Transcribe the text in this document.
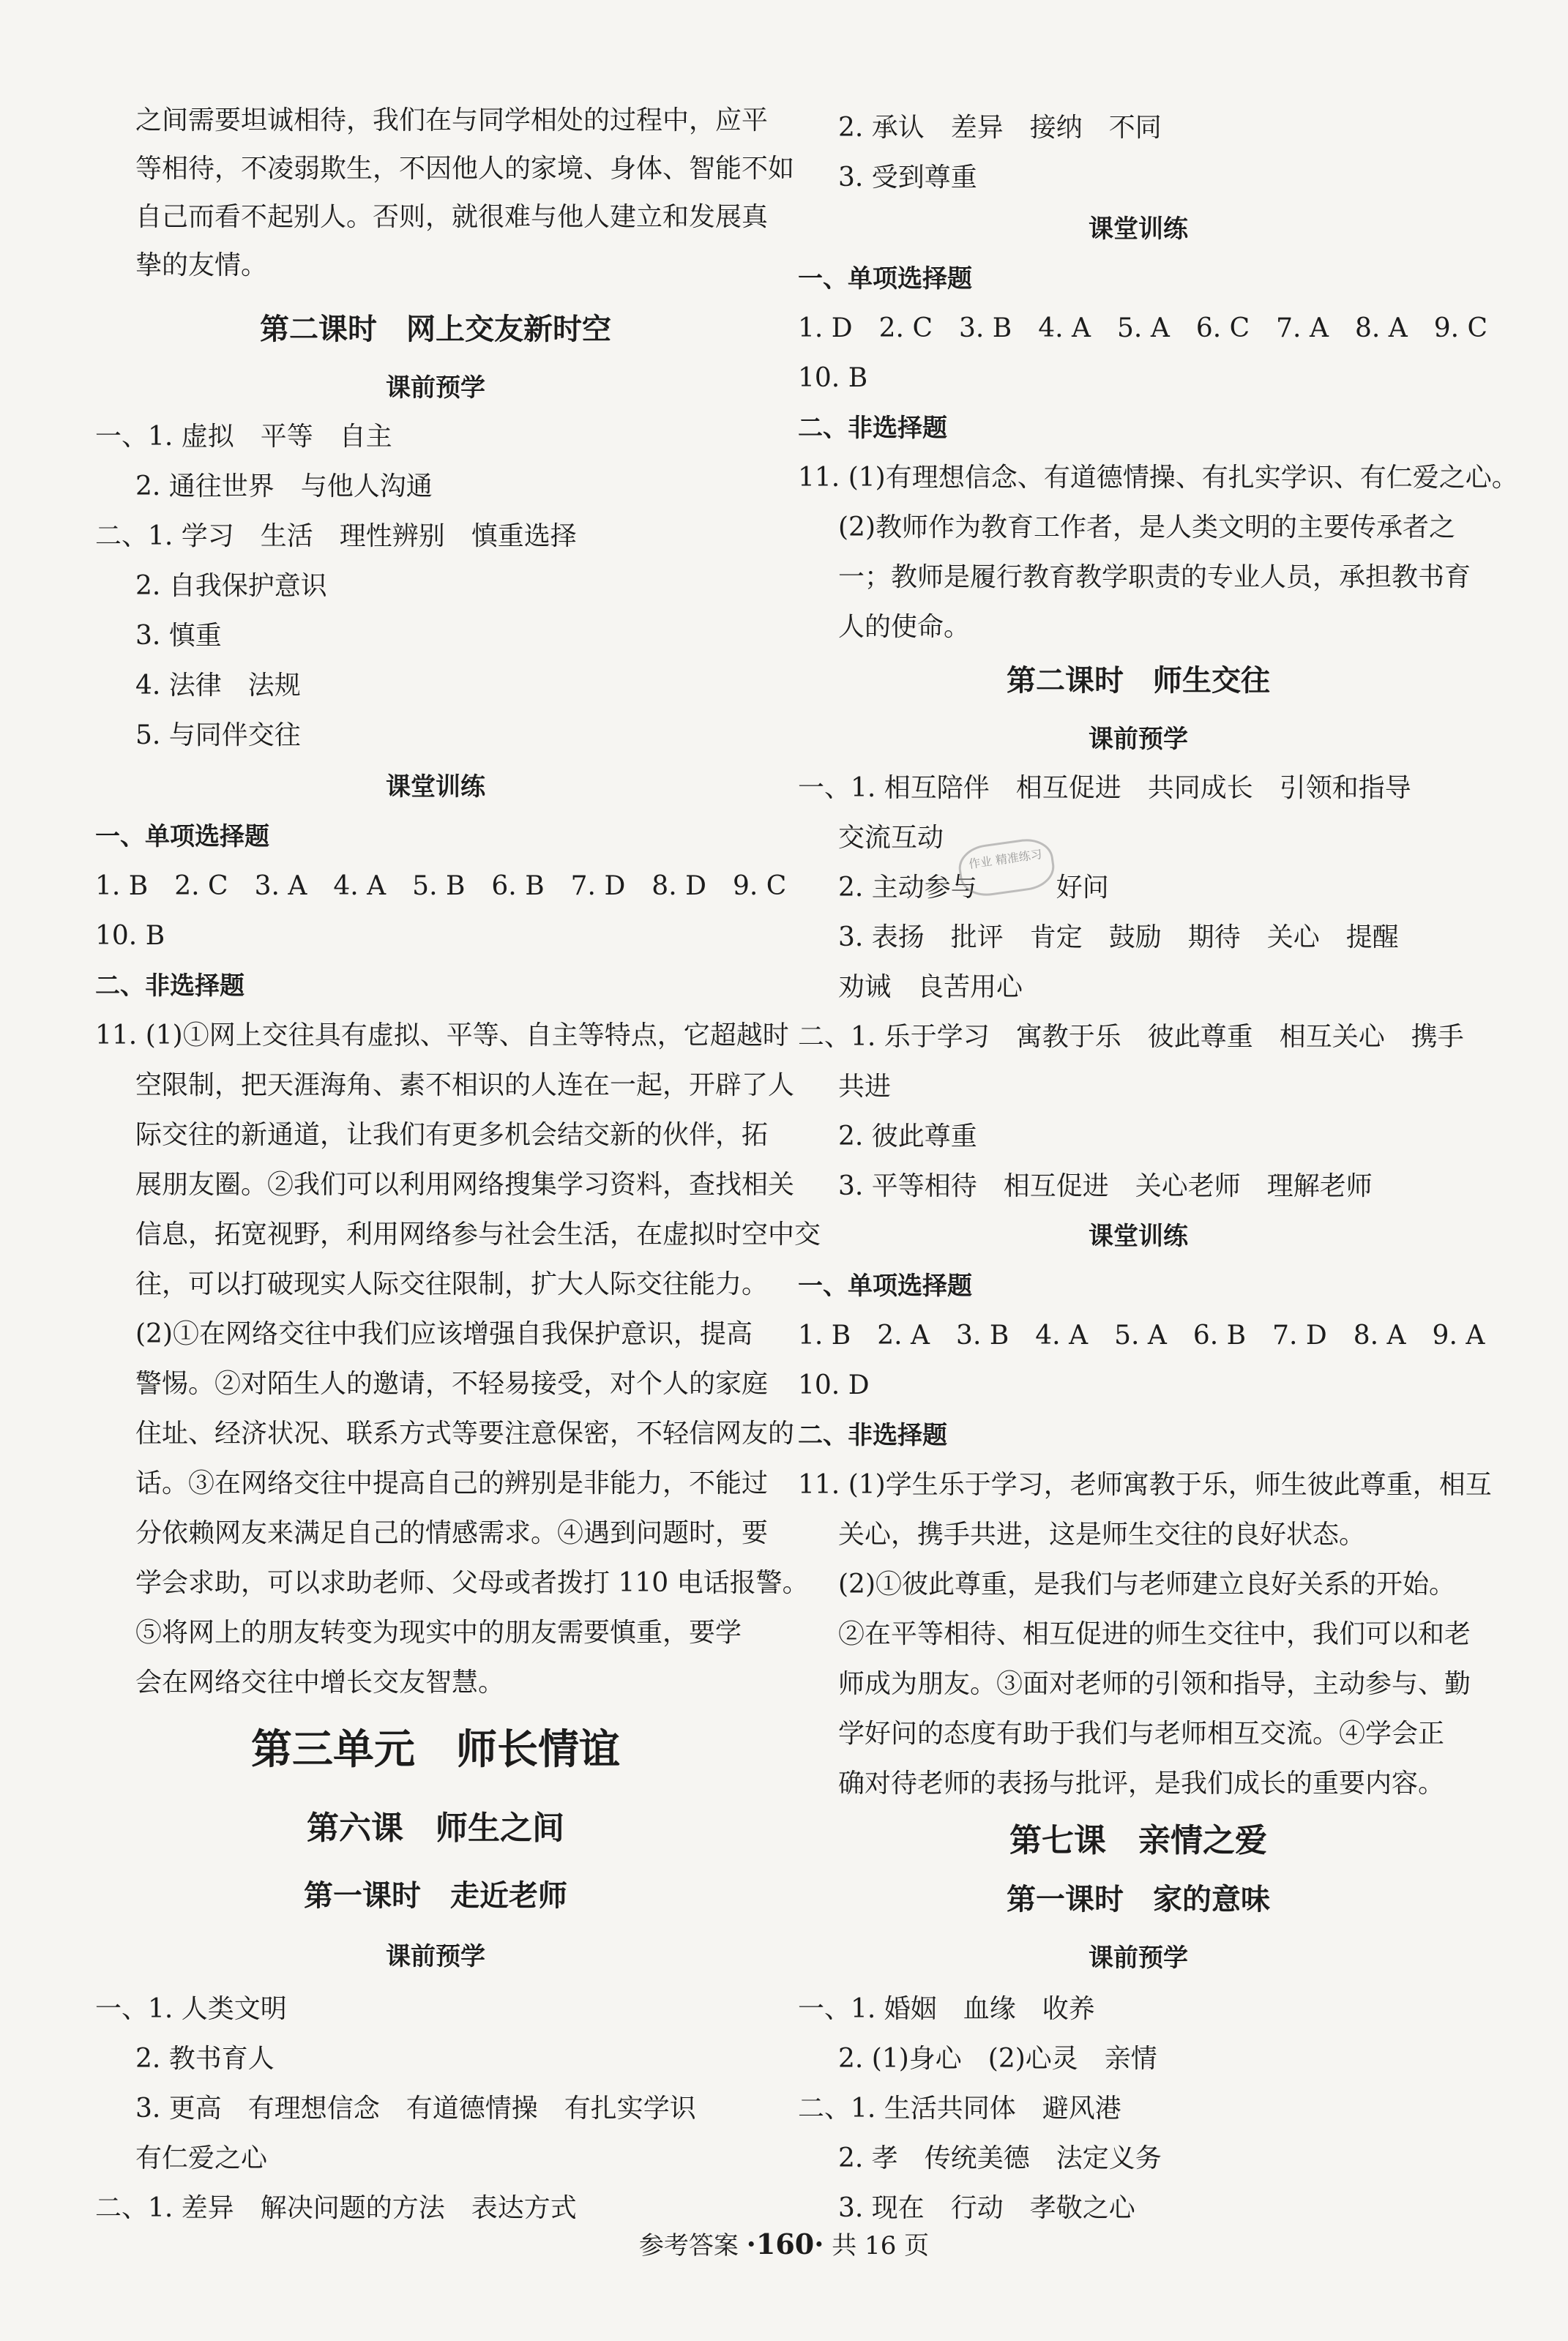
之间需要坦诚相待，我们在与同学相处的过程中，应平
等相待，不凌弱欺生，不因他人的家境、身体、智能不如
自己而看不起别人。否则，就很难与他人建立和发展真
挚的友情。
第二课时　网上交友新时空
课前预学
一、1. 虚拟　平等　自主
2. 通往世界　与他人沟通
二、1. 学习　生活　理性辨别　慎重选择
2. 自我保护意识
3. 慎重
4. 法律　法规
5. 与同伴交往
课堂训练
一、单项选择题
1. B　2. C　3. A　4. A　5. B　6. B　7. D　8. D　9. C
10. B
二、非选择题
11. (1)①网上交往具有虚拟、平等、自主等特点，它超越时
空限制，把天涯海角、素不相识的人连在一起，开辟了人
际交往的新通道，让我们有更多机会结交新的伙伴，拓
展朋友圈。②我们可以利用网络搜集学习资料，查找相关
信息，拓宽视野，利用网络参与社会生活，在虚拟时空中交
往，可以打破现实人际交往限制，扩大人际交往能力。
(2)①在网络交往中我们应该增强自我保护意识，提高
警惕。②对陌生人的邀请，不轻易接受，对个人的家庭
住址、经济状况、联系方式等要注意保密，不轻信网友的
话。③在网络交往中提高自己的辨别是非能力，不能过
分依赖网友来满足自己的情感需求。④遇到问题时，要
学会求助，可以求助老师、父母或者拨打 110 电话报警。
⑤将网上的朋友转变为现实中的朋友需要慎重，要学
会在网络交往中增长交友智慧。
第三单元　师长情谊
第六课　师生之间
第一课时　走近老师
课前预学
一、1. 人类文明
2. 教书育人
3. 更高　有理想信念　有道德情操　有扎实学识
有仁爱之心
二、1. 差异　解决问题的方法　表达方式
2. 承认　差异　接纳　不同
3. 受到尊重
课堂训练
一、单项选择题
1. D　2. C　3. B　4. A　5. A　6. C　7. A　8. A　9. C
10. B
二、非选择题
11. (1)有理想信念、有道德情操、有扎实学识、有仁爱之心。
(2)教师作为教育工作者，是人类文明的主要传承者之
一；教师是履行教育教学职责的专业人员，承担教书育
人的使命。
第二课时　师生交往
课前预学
一、1. 相互陪伴　相互促进　共同成长　引领和指导
交流互动
2. 主动参与　　　好问
3. 表扬　批评　肯定　鼓励　期待　关心　提醒
劝诫　良苦用心
二、1. 乐于学习　寓教于乐　彼此尊重　相互关心　携手
共进
2. 彼此尊重
3. 平等相待　相互促进　关心老师　理解老师
课堂训练
一、单项选择题
1. B　2. A　3. B　4. A　5. A　6. B　7. D　8. A　9. A
10. D
二、非选择题
11. (1)学生乐于学习，老师寓教于乐，师生彼此尊重，相互
关心，携手共进，这是师生交往的良好状态。
(2)①彼此尊重，是我们与老师建立良好关系的开始。
②在平等相待、相互促进的师生交往中，我们可以和老
师成为朋友。③面对老师的引领和指导，主动参与、勤
学好问的态度有助于我们与老师相互交流。④学会正
确对待老师的表扬与批评，是我们成长的重要内容。
第七课　亲情之爱
第一课时　家的意味
课前预学
一、1. 婚姻　血缘　收养
2. (1)身心　(2)心灵　亲情
二、1. 生活共同体　避风港
2. 孝　传统美德　法定义务
3. 现在　行动　孝敬之心
作业 精准练习
参考答案 ·160· 共 16 页
